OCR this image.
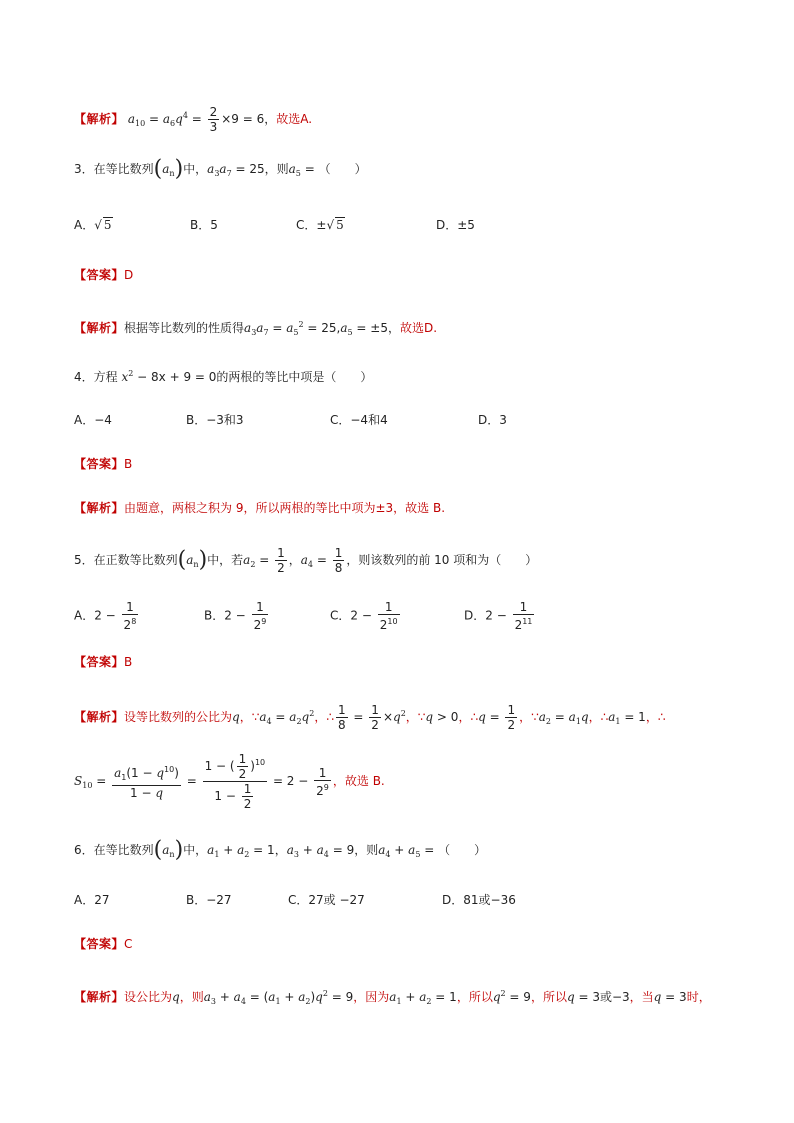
【解析】 $a_{10} = a_6q^4 = \frac{2}{3} \times 9 = 6$，故选A.
3．在等比数列$(a_n)$中，$a_3a_7 = 25$，则$a_5$ = （　　）
A．√ 5	B．5	C．±√ 5	D．±5
【答案】D
【解析】根据等比数列的性质得$a_3a_7 = a_5^2 = 25,a_5 = \pm 5$，故选D.
4．方程 $x^2 - 8x + 9 = 0$的两根的等比中项是（　　）
A．−4	B．−3和3	C．−4和4	D．3
【答案】B
【解析】由题意，两根之积为 9，所以两根的等比中项为±3，故选 B.
5．在正数等比数列$(a_n)$中，若$a_2 = \frac{1}{2}$ ，$a_4 = \frac{1}{8}$ ，则该数列的前 10 项和为（　　）
A．$2 - \frac{1}{2^8}$	B．$2 - \frac{1}{2^9}$	C．$2 - \frac{1}{2^{10}}$	D．$2 - \frac{1}{2^{11}}$
【答案】B
【解析】设等比数列的公比为q，$\because a_4 = a_2q^2$，∴ $\frac{1}{8} = \frac{1}{2} \times q^2$，∵q > 0，∴q = $\frac{1}{2}$ ，$\because a_2 = a_1q$，$\therefore a_1 = 1$，∴
$S_{10} = \frac{a_1(1 - q^{10})}{1 - q} = \frac{1 - ( \frac{1}{2} )^{10}}{1 - \frac{1}{2}} = 2 - \frac{1}{2^9}$ ，故选 B.
6．在等比数列$(a_n)$中，$a_1 + a_2 = 1$，$a_3 + a_4 = 9$，则$a_4 + a_5$ = （　　）
A．27	B．−27	C．27或 −27	D．81或−36
【答案】C
【解析】设公比为q，则$a_3 + a_4 = (a_1 + a_2)q^2 = 9$，因为$a_1 + a_2 = 1$，所以$q^2 = 9$，所以q = 3或−3，当q = 3时，
